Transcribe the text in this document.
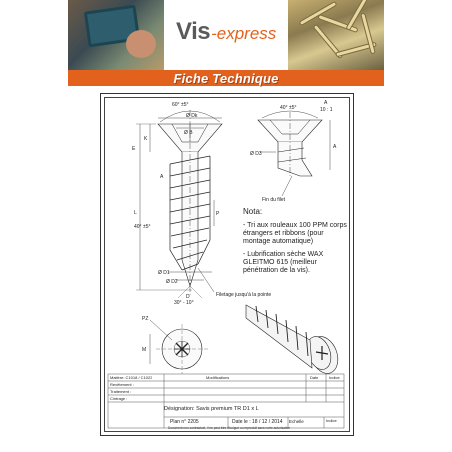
Vis -express
Fiche Technique
60° ±5°
Ø Dk
Ø B
K
E
A
L	P
40° ±5°
Ø D1
Ø D2
30° - 10°
D	Filetage jusqu'à la pointe
A
10 : 1
40° ±5°
Ø D3
A
Fin du filet
PZ
M
Nota:

- Tri aux rouleaux 100 PPM corps étrangers et ribbons (pour montage automatique)

- Lubrification sèche WAX GLEITMO 615 (meilleur pénétration de la vis).

Matière: C1018 / C1022	Modifications	Date	Indice
Revêtement :
Traitement :
Cintrage :
Désignation: Savis premium TR D1 x L
Plan n° 2205	Date le : 18 / 12 / 2014 Echelle	Indice
Document non contractuel, il ne peut être divulgué ou reproduit sans notre autorisation
